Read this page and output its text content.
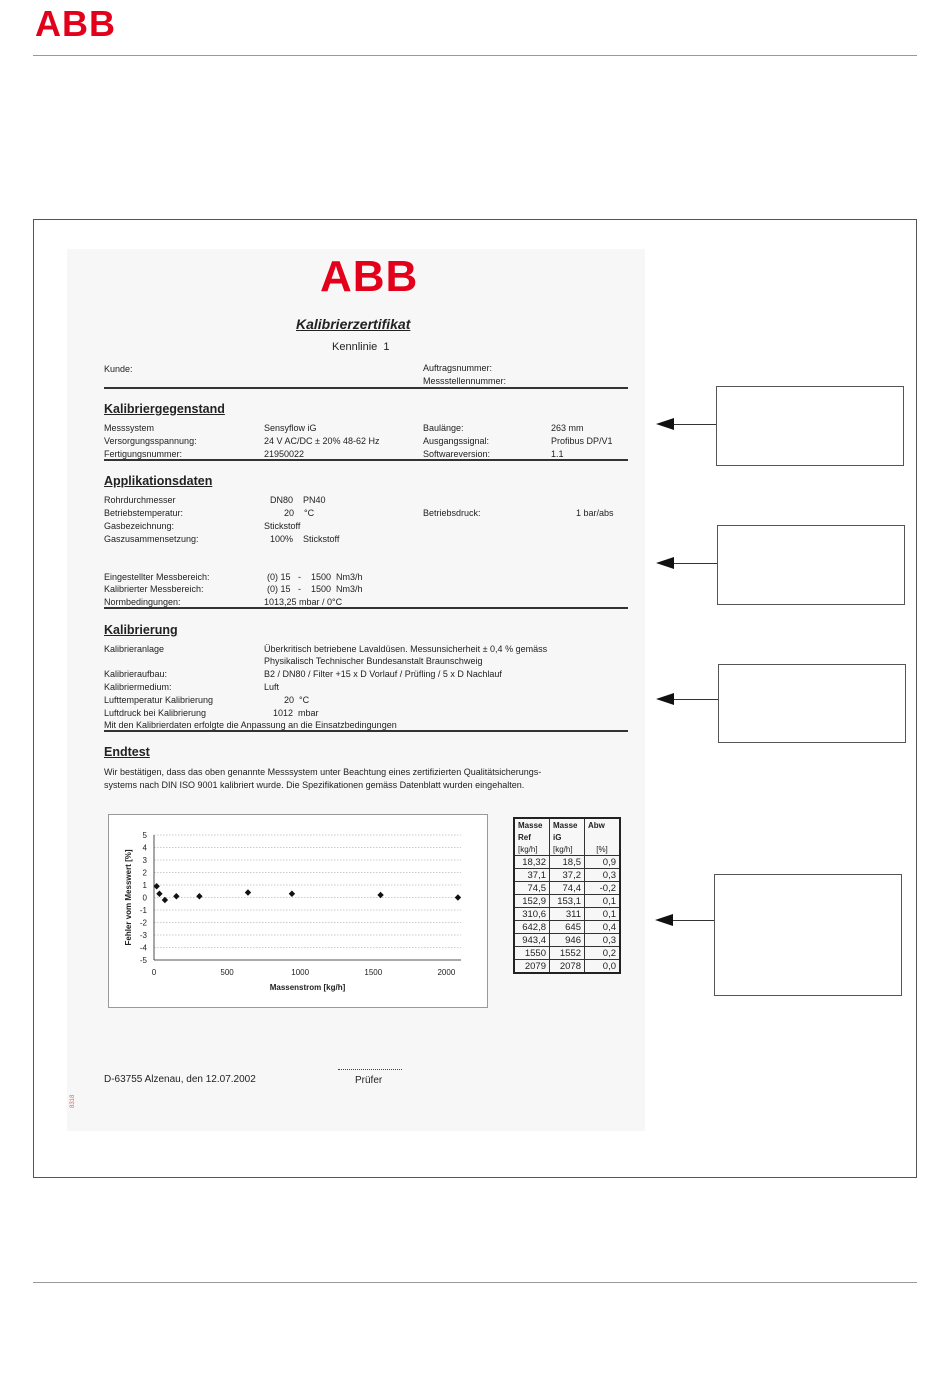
ABB
ABB
Kalibrierzertifikat
Kennlinie  1
Kunde:	Auftragsnummer:
Messstellennummer:
Kalibriergegenstand
Messsystem	Sensyflow iG	Baulänge:	263 mm
Versorgungsspannung:	24 V AC/DC ± 20% 48-62 Hz	Ausgangssignal:	Profibus DP/V1
Fertigungsnummer:	21950022	Softwareversion:	1.1
Applikationsdaten
Rohrdurchmesser	DN80    PN40
Betriebstemperatur:	20    °C	Betriebsdruck:	1 bar/abs
Gasbezeichnung:	Stickstoff
Gaszusammensetzung:	100%    Stickstoff
Eingestellter Messbereich:	(0) 15   -    1500  Nm3/h
Kalibrierter Messbereich:	(0) 15   -    1500  Nm3/h
Normbedingungen:	1013,25 mbar / 0°C
Kalibrierung
Kalibrieranlage	Überkritisch betriebene Lavaldüsen. Messunsicherheit ± 0,4 % gemäss
Physikalisch Technischer Bundesanstalt Braunschweig
Kalibrieraufbau:	B2 / DN80 / Filter +15 x D Vorlauf / Prüfling / 5 x D Nachlauf
Kalibriermedium:	Luft
Lufttemperatur Kalibrierung	20  °C
Luftdruck bei Kalibrierung	1012  mbar
Mit den Kalibrierdaten erfolgte die Anpassung an die Einsatzbedingungen
Endtest
Wir bestätigen, dass das oben genannte Messsystem unter Beachtung eines zertifizierten Qualitätsicherungs-
systems nach DIN ISO 9001 kalibriert wurde. Die Spezifikationen gemäss Datenblatt wurden eingehalten.
5
4
3
2
1
0
-1
-2
-3
-4
-5
0	500	1000	1500	2000
Massenstrom [kg/h]
Fehler vom Messwert [%]
Masse	Masse	Abw
Ref	iG	
[kg/h]	[kg/h]	[%]
18,32	18,5	0,9
37,1	37,2	0,3
74,5	74,4	-0,2
152,9	153,1	0,1
310,6	311	0,1
642,8	645	0,4
943,4	946	0,3
1550	1552	0,2
2079	2078	0,0
D-63755 Alzenau, den 12.07.2002	Prüfer
8318
